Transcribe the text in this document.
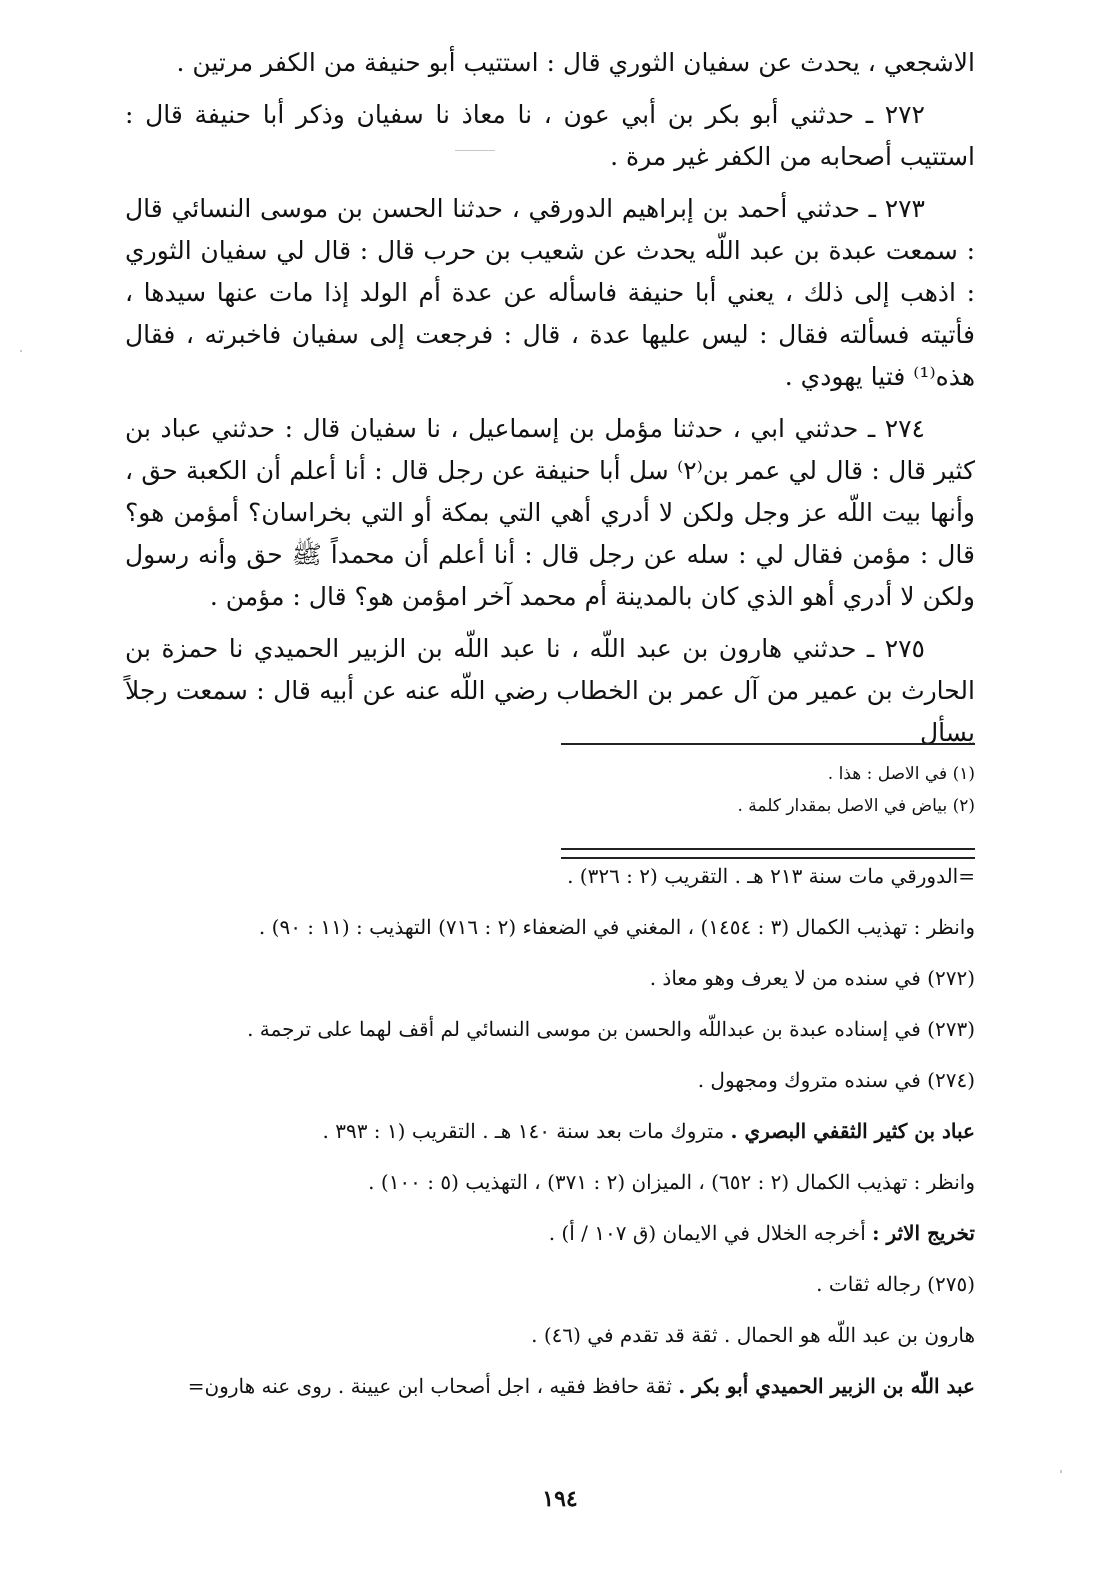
الاشجعي ، يحدث عن سفيان الثوري قال : استتيب أبو حنيفة من الكفر مرتين .

٢٧٢ ـ حدثني أبو بكر بن أبي عون ، نا معاذ نا سفيان وذكر أبا حنيفة قال : استتيب أصحابه من الكفر غير مرة .

٢٧٣ ـ حدثني أحمد بن إبراهيم الدورقي ، حدثنا الحسن بن موسى النسائي قال : سمعت عبدة بن عبد اللّه يحدث عن شعيب بن حرب قال : قال لي سفيان الثوري : اذهب إلى ذلك ، يعني أبا حنيفة فاسأله عن عدة أم الولد إذا مات عنها سيدها ، فأتيته فسألته فقال : ليس عليها عدة ، قال : فرجعت إلى سفيان فاخبرته ، فقال هذه⁽¹⁾ فتيا يهودي .

٢٧٤ ـ حدثني ابي ، حدثنا مؤمل بن إسماعيل ، نا سفيان قال : حدثني عباد بن كثير قال : قال لي عمر بن⁽٢⁾ سل أبا حنيفة عن رجل قال : أنا أعلم أن الكعبة حق ، وأنها بيت اللّه عز وجل ولكن لا أدري أهي التي بمكة أو التي بخراسان؟ أمؤمن هو؟ قال : مؤمن فقال لي : سله عن رجل قال : أنا أعلم أن محمداً ﷺ حق وأنه رسول ولكن لا أدري أهو الذي كان بالمدينة أم محمد آخر امؤمن هو؟ قال : مؤمن .

٢٧٥ ـ حدثني هارون بن عبد اللّه ، نا عبد اللّه بن الزبير الحميدي نا حمزة بن الحارث بن عمير من آل عمر بن الخطاب رضي اللّه عنه عن أبيه قال : سمعت رجلاً يسأل

(١) في الاصل : هذا .

(٢) بياض في الاصل بمقدار كلمة .

=الدورقي مات سنة ٢١٣ هـ . التقريب (٢ : ٣٢٦) .

وانظر : تهذيب الكمال (٣ : ١٤٥٤) ، المغني في الضعفاء (٢ : ٧١٦) التهذيب : (١١ : ٩٠) .

(٢٧٢) في سنده من لا يعرف وهو معاذ .

(٢٧٣) في إسناده عبدة بن عبداللّه والحسن بن موسى النسائي لم أقف لهما على ترجمة .

(٢٧٤) في سنده متروك ومجهول .

عباد بن كثير الثقفي البصري . متروك مات بعد سنة ١٤٠ هـ . التقريب (١ : ٣٩٣ .

وانظر : تهذيب الكمال (٢ : ٦٥٢) ، الميزان (٢ : ٣٧١) ، التهذيب (٥ : ١٠٠) .

تخريج الاثر : أخرجه الخلال في الايمان (ق ١٠٧ / أ) .

(٢٧٥) رجاله ثقات .

هارون بن عبد اللّه هو الحمال . ثقة قد تقدم في (٤٦) .

عبد اللّه بن الزبير الحميدي أبو بكر . ثقة حافظ فقيه ، اجل أصحاب ابن عيينة . روى عنه هارون=

١٩٤
